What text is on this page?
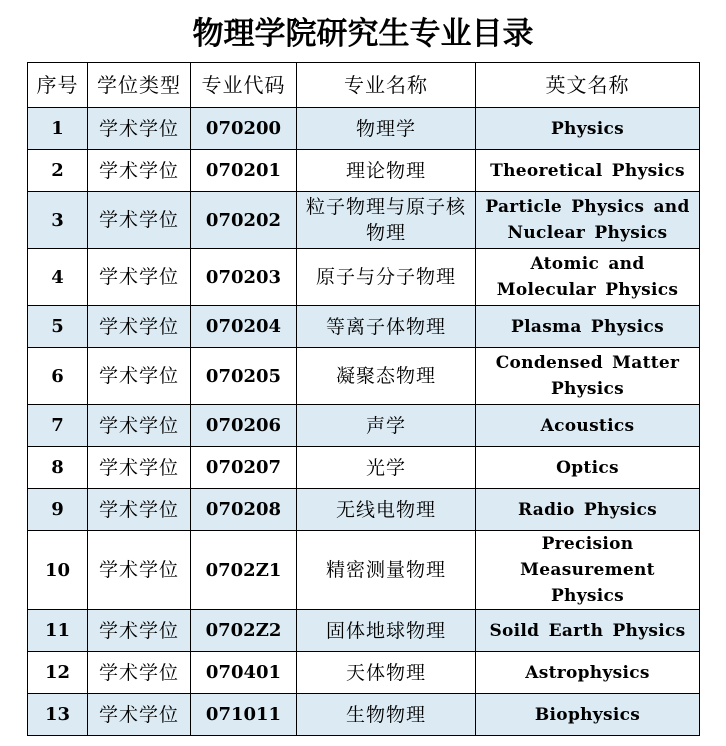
物理学院研究生专业目录
序号	学位类型	专业代码	专业名称	英文名称
1	学术学位	070200	物理学	Physics
2	学术学位	070201	理论物理	Theoretical Physics
3	学术学位	070202	粒子物理与原子核物理	Particle Physics and Nuclear Physics
4	学术学位	070203	原子与分子物理	Atomic and Molecular Physics
5	学术学位	070204	等离子体物理	Plasma Physics
6	学术学位	070205	凝聚态物理	Condensed Matter Physics
7	学术学位	070206	声学	Acoustics
8	学术学位	070207	光学	Optics
9	学术学位	070208	无线电物理	Radio Physics
10	学术学位	0702Z1	精密测量物理	Precision Measurement Physics
11	学术学位	0702Z2	固体地球物理	Soild Earth Physics
12	学术学位	070401	天体物理	Astrophysics
13	学术学位	071011	生物物理	Biophysics
